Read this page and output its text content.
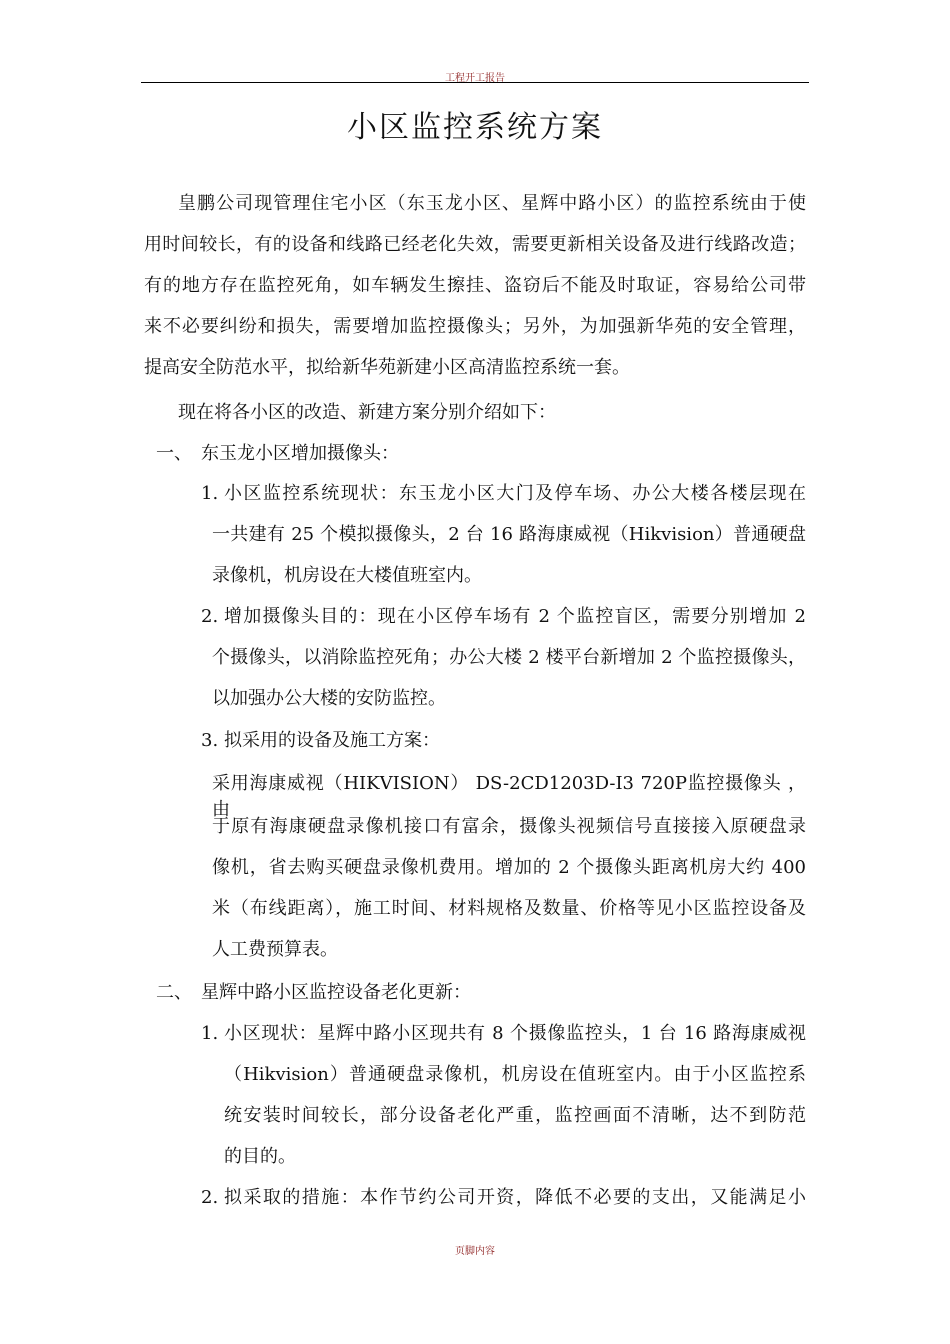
工程开工报告
小区监控系统方案
皇鹏公司现管理住宅小区（东玉龙小区、星辉中路小区）的监控系统由于使
用时间较长，有的设备和线路已经老化失效，需要更新相关设备及进行线路改造；
有的地方存在监控死角，如车辆发生擦挂、盗窃后不能及时取证，容易给公司带
来不必要纠纷和损失，需要增加监控摄像头；另外，为加强新华苑的安全管理，
提高安全防范水平，拟给新华苑新建小区高清监控系统一套。
现在将各小区的改造、新建方案分别介绍如下：
一、 东玉龙小区增加摄像头：
1. 小区监控系统现状：东玉龙小区大门及停车场、办公大楼各楼层现在
一共建有 25 个模拟摄像头，2 台 16 路海康威视（Hikvision）普通硬盘
录像机，机房设在大楼值班室内。
2. 增加摄像头目的：现在小区停车场有 2 个监控盲区，需要分别增加 2
个摄像头，以消除监控死角；办公大楼 2 楼平台新增加 2 个监控摄像头，
以加强办公大楼的安防监控。
3. 拟采用的设备及施工方案：
采用海康威视（HIKVISION） DS-2CD1203D-I3 720P监控摄像头 ，由
于原有海康硬盘录像机接口有富余，摄像头视频信号直接接入原硬盘录
像机，省去购买硬盘录像机费用。增加的 2 个摄像头距离机房大约 400
米（布线距离），施工时间、材料规格及数量、价格等见小区监控设备及
人工费预算表。
二、 星辉中路小区监控设备老化更新：
1. 小区现状：星辉中路小区现共有 8 个摄像监控头，1 台 16 路海康威视
（Hikvision）普通硬盘录像机，机房设在值班室内。由于小区监控系
统安装时间较长，部分设备老化严重，监控画面不清晰，达不到防范
的目的。
2. 拟采取的措施：本作节约公司开资，降低不必要的支出，又能满足小
页脚内容
